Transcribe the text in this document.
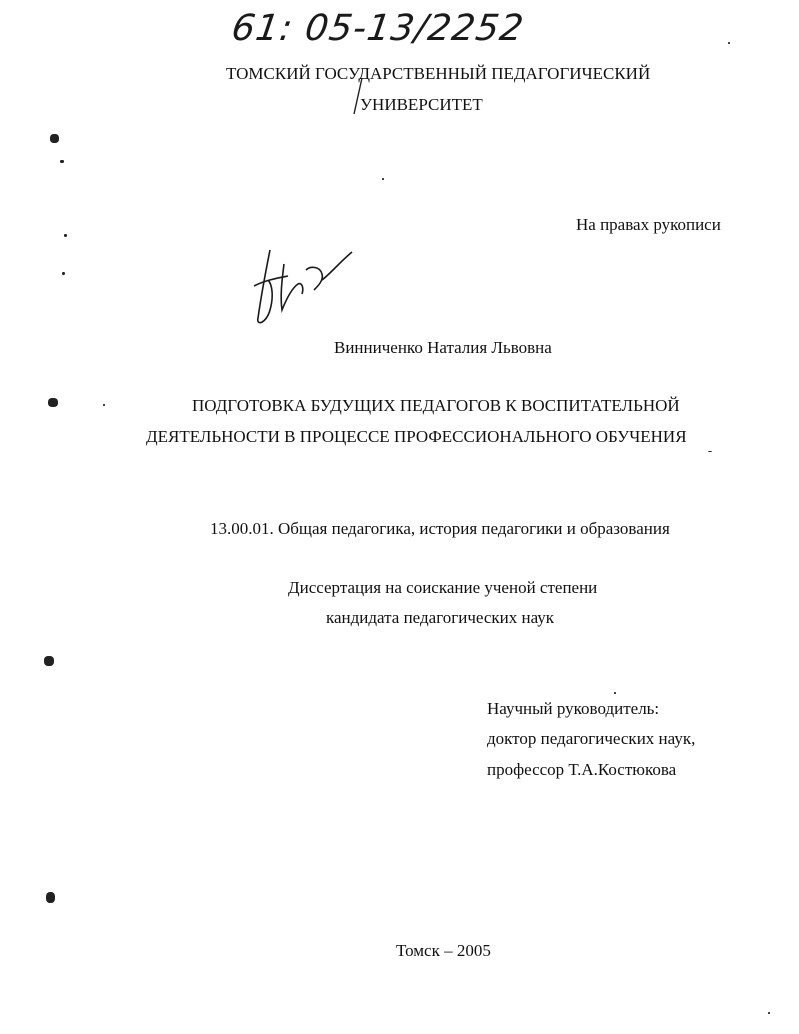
61: 05-13/2252
ТОМСКИЙ ГОСУДАРСТВЕННЫЙ ПЕДАГОГИЧЕСКИЙ
УНИВЕРСИТЕТ
На правах рукописи
Винниченко Наталия Львовна
ПОДГОТОВКА БУДУЩИХ ПЕДАГОГОВ К ВОСПИТАТЕЛЬНОЙ
ДЕЯТЕЛЬНОСТИ В ПРОЦЕССЕ ПРОФЕССИОНАЛЬНОГО ОБУЧЕНИЯ
13.00.01. Общая педагогика, история педагогики и образования
Диссертация на соискание ученой степени
кандидата педагогических наук
Научный руководитель:
доктор педагогических наук,
профессор Т.А.Костюкова
Томск – 2005
